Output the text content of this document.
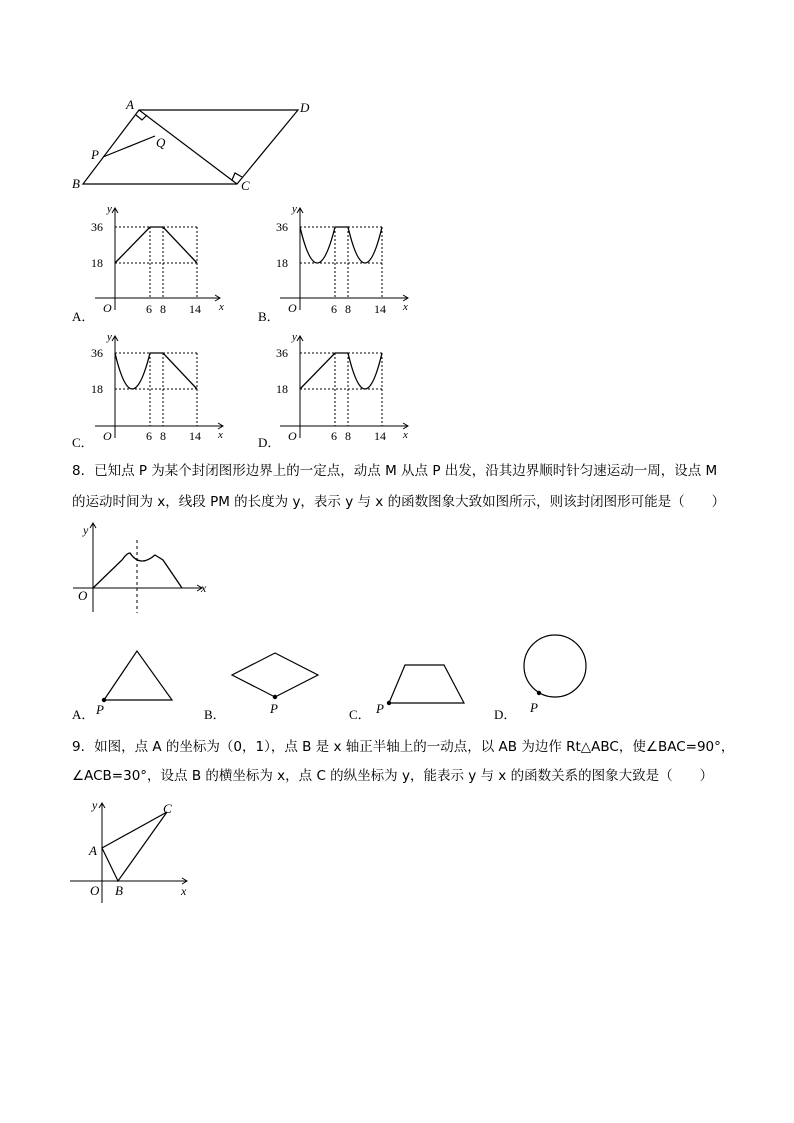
A	D
P
Q
B	C
y
x
O
36
18
6 8 14
A．
y
x
O
36
18
6 8 14
B．
y
x
O
36
18
6 8 14
C．
y
x
O
36
18
6 8 14
D．
8．已知点 P 为某个封闭图形边界上的一定点，动点 M 从点 P 出发，沿其边界顺时针匀速运动一周，设点 M
的运动时间为 x，线段 PM 的长度为 y，表示 y 与 x 的函数图象大致如图所示，则该封闭图形可能是（　　）
y
x
O
A． P	B．	P	C． P	D． P
9．如图，点 A 的坐标为（0，1），点 B 是 x 轴正半轴上的一动点，以 AB 为边作 Rt△ABC，使∠BAC=90°，
∠ACB=30°，设点 B 的横坐标为 x，点 C 的纵坐标为 y，能表示 y 与 x 的函数关系的图象大致是（　　）
y
x
O
A
B
C
